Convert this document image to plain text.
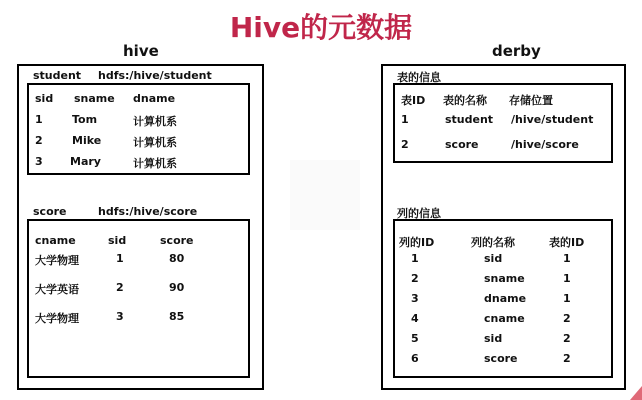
Hive的元数据
hive
student hdfs:/hive/student
sid sname dname
1	Tom	计算机系
2	Mike	计算机系
3 Mary	计算机系
score	hdfs:/hive/score
cname	sid	score
大学物理	1	80
大学英语	2	90
大学物理	3	85
derby
表的信息
表ID 表的名称 存储位置
1	student /hive/student
2	score	/hive/score
列的信息
列的ID	列的名称	表的ID
1	sid	1
2	sname	1
3	dname	1
4	cname	2
5	sid	2
6	score	2
